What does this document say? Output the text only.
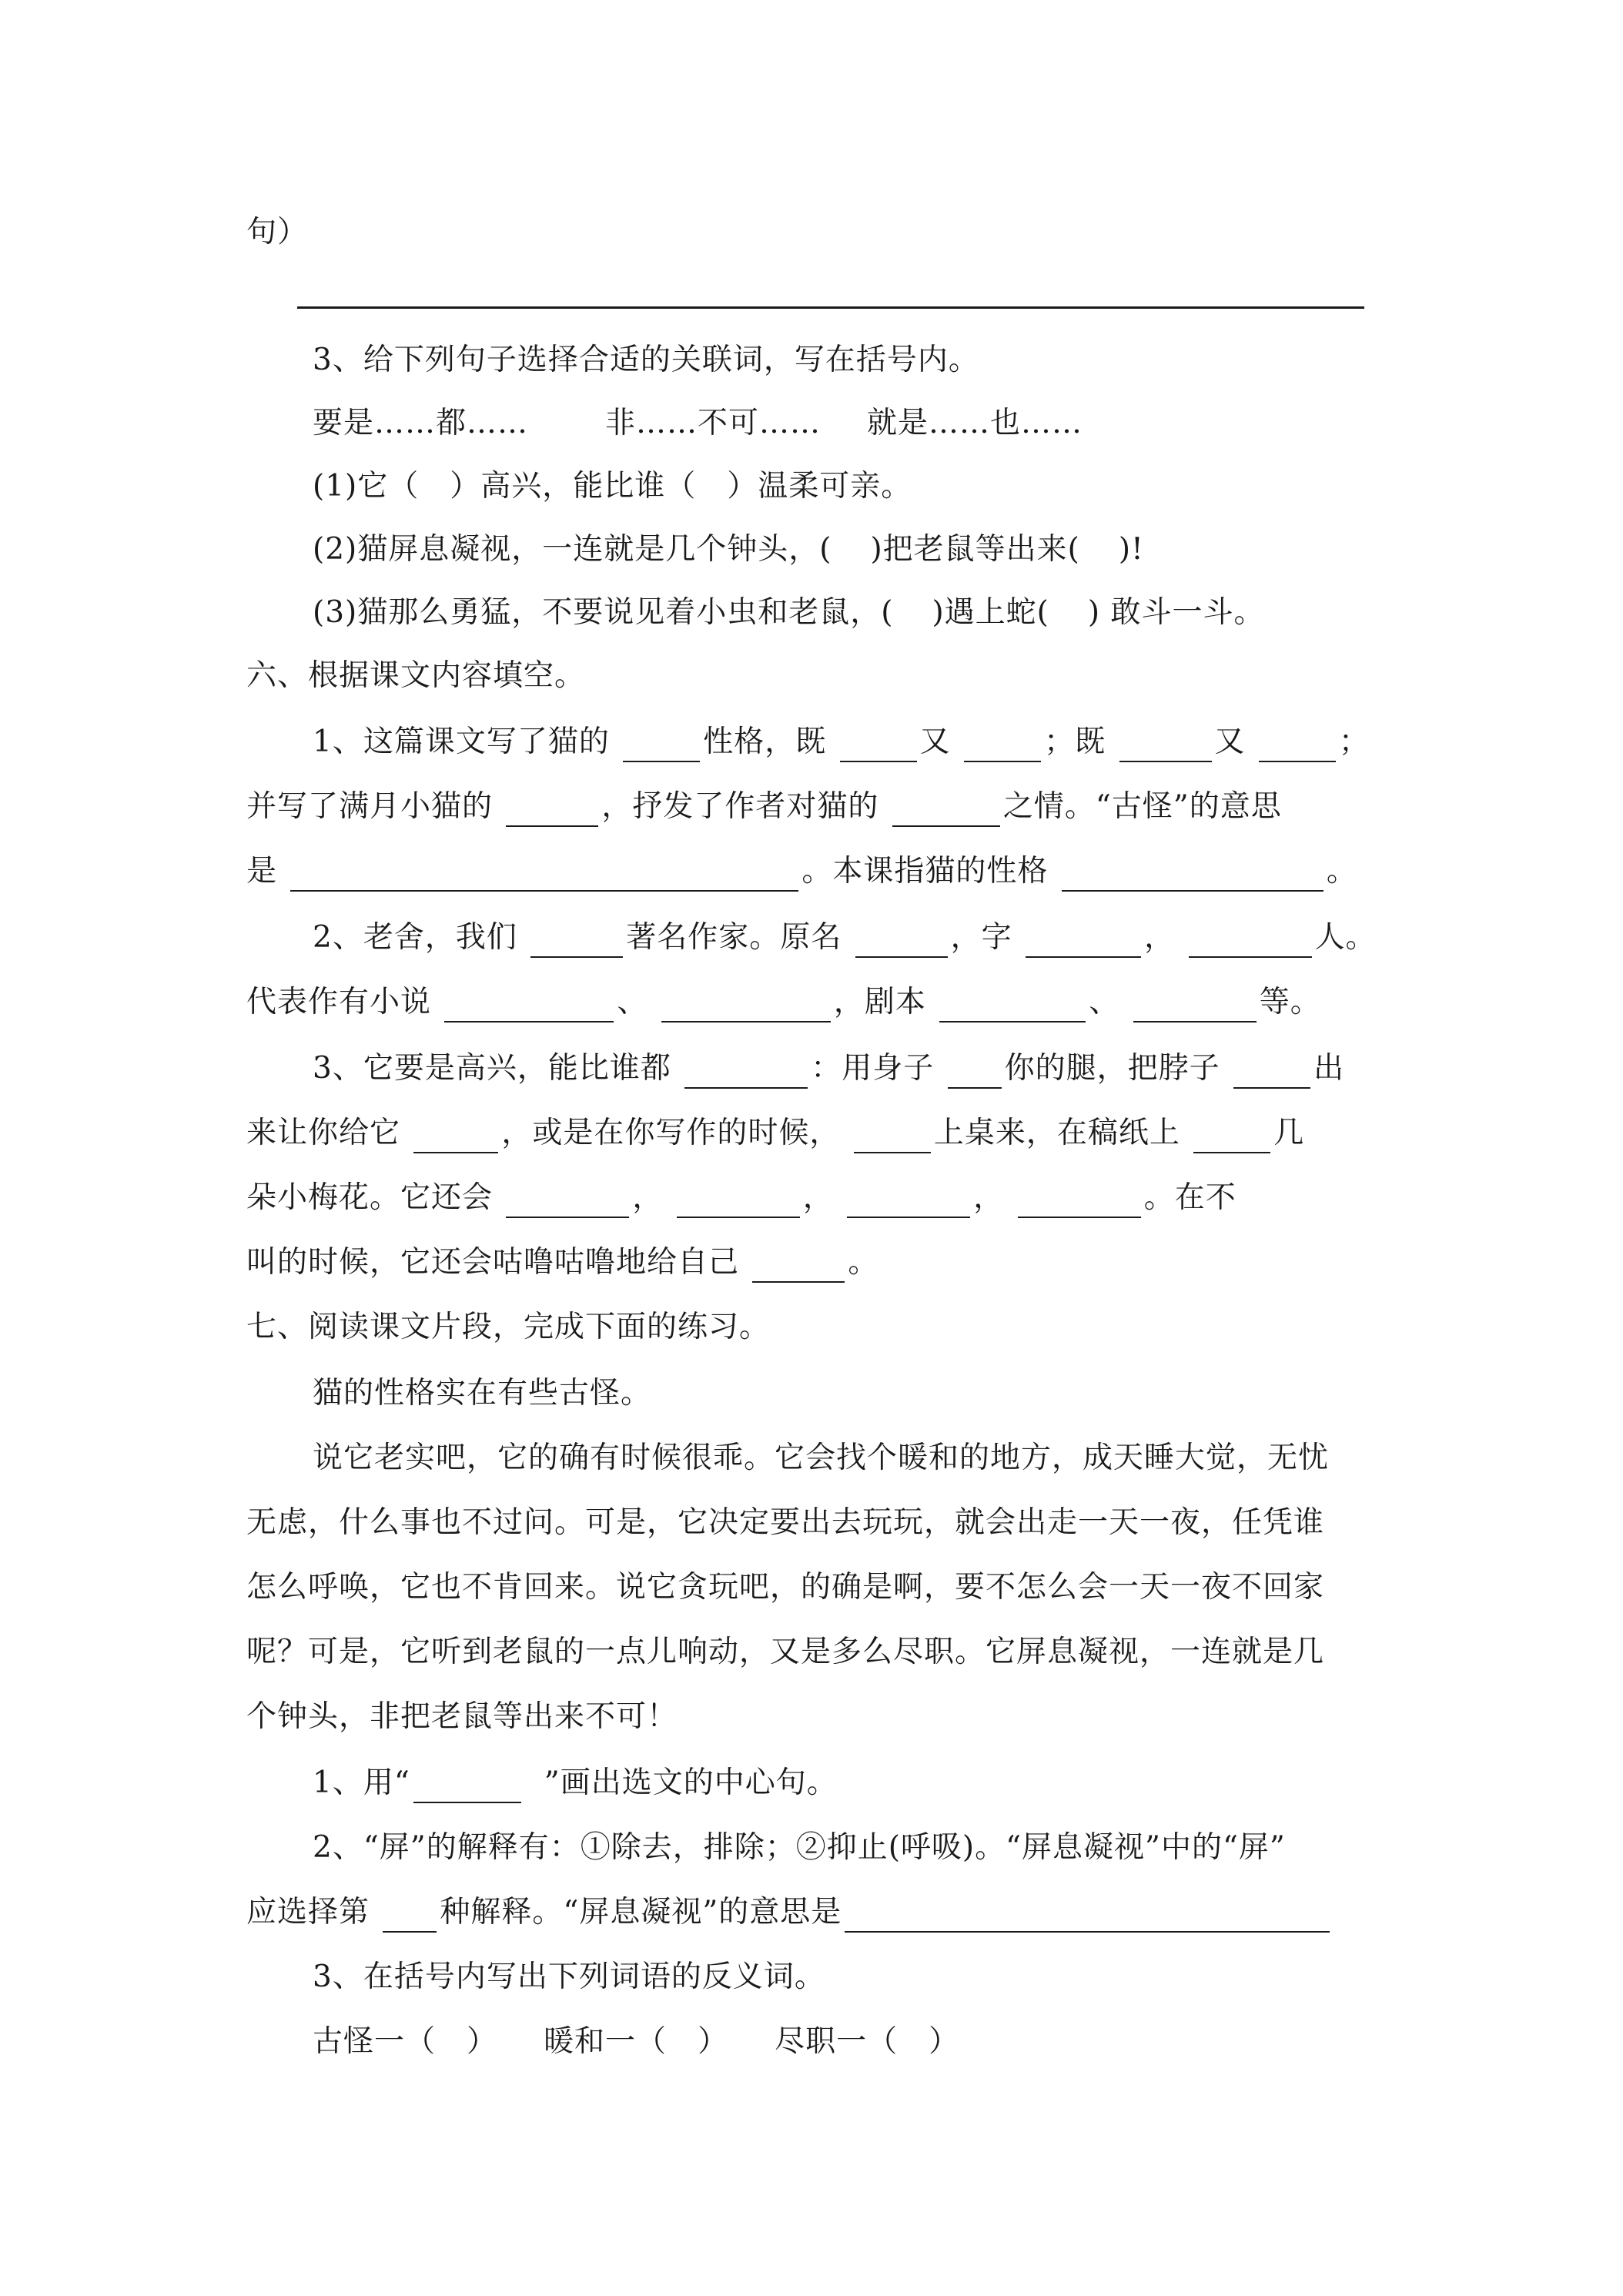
句）
3、给下列句子选择合适的关联词，写在括号内。
要是……都……	非……不可…… 就是……也……
(1)它（ ）高兴，能比谁（ ）温柔可亲。
(2)猫屏息凝视，一连就是几个钟头，( )把老鼠等出来( )!
(3)猫那么勇猛，不要说见着小虫和老鼠，( )遇上蛇( ) 敢斗一斗。
六、根据课文内容填空。
1、这篇课文写了猫的	性格，既	又	；既	又	；
并写了满月小猫的	，抒发了作者对猫的	之情。“古怪”的意思
是	。本课指猫的性格	。
2、老舍，我们	著名作家。原名	，字	，	人。
代表作有小说	、	，剧本	、	等。
3、它要是高兴，能比谁都	：用身子 你的腿，把脖子	出
来让你给它	，或是在你写作的时候，	上桌来，在稿纸上	几
朵小梅花。它还会	，	，	，	。在不
叫的时候，它还会咕噜咕噜地给自己	。
七、阅读课文片段，完成下面的练习。
猫的性格实在有些古怪。
说它老实吧，它的确有时候很乖。它会找个暖和的地方，成天睡大觉，无忧
无虑，什么事也不过问。可是，它决定要出去玩玩，就会出走一天一夜，任凭谁
怎么呼唤，它也不肯回来。说它贪玩吧，的确是啊，要不怎么会一天一夜不回家
呢？可是，它听到老鼠的一点儿响动，又是多么尽职。它屏息凝视，一连就是几
个钟头，非把老鼠等出来不可！
1、用“	”画出选文的中心句。
2、“屏”的解释有：①除去，排除；②抑止(呼吸)。“屏息凝视”中的“屏”
应选择第 种解释。“屏息凝视”的意思是
3、在括号内写出下列词语的反义词。
古怪一（ ） 暖和一（ ） 尽职一（ ）
